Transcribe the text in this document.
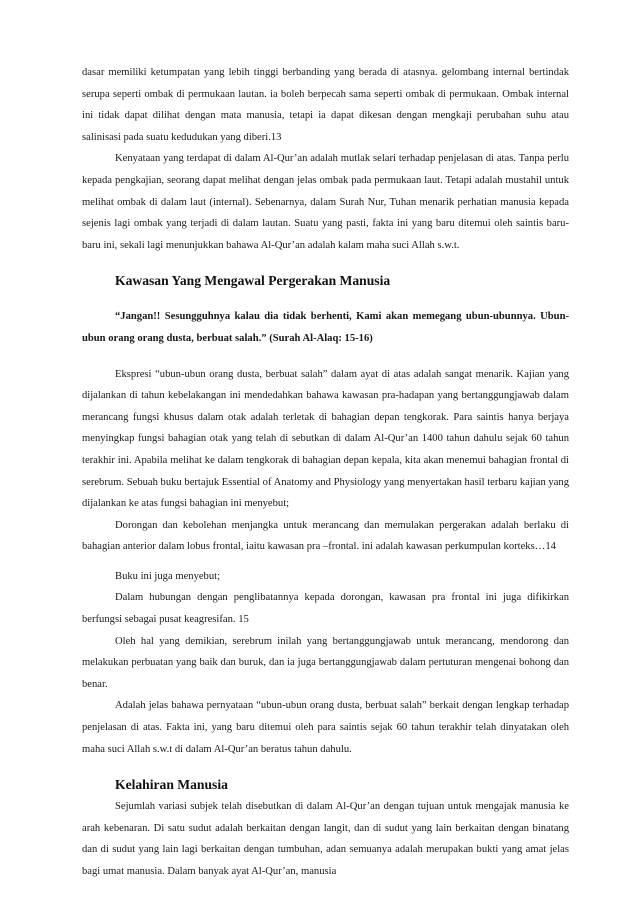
dasar memiliki ketumpatan yang lebih tinggi berbanding yang berada di atasnya. gelombang internal bertindak serupa seperti ombak di permukaan lautan. ia boleh berpecah sama seperti ombak di permukaan. Ombak internal ini tidak dapat dilihat dengan mata manusia, tetapi ia dapat dikesan dengan mengkaji perubahan suhu atau salinisasi pada suatu kedudukan yang diberi.13

Kenyataan yang terdapat di dalam Al-Qur’an adalah mutlak selari terhadap penjelasan di atas. Tanpa perlu kepada pengkajian, seorang dapat melihat dengan jelas ombak pada permukaan laut. Tetapi adalah mustahil untuk melihat ombak di dalam laut (internal). Sebenarnya, dalam Surah Nur, Tuhan menarik perhatian manusia kepada sejenis lagi ombak yang terjadi di dalam lautan. Suatu yang pasti, fakta ini yang baru ditemui oleh saintis baru-baru ini, sekali lagi menunjukkan bahawa Al-Qur’an adalah kalam maha suci Allah s.w.t.

Kawasan Yang Mengawal Pergerakan Manusia

“Jangan!! Sesungguhnya kalau dia tidak berhenti, Kami akan memegang ubun-ubunnya. Ubun-ubun orang orang dusta, berbuat salah.” (Surah Al-Alaq: 15-16)

Ekspresi “ubun-ubun orang dusta, berbuat salah” dalam ayat di atas adalah sangat menarik. Kajian yang dijalankan di tahun kebelakangan ini mendedahkan bahawa kawasan pra-hadapan yang bertanggungjawab dalam merancang fungsi khusus dalam otak adalah terletak di bahagian depan tengkorak. Para saintis hanya berjaya menyingkap fungsi bahagian otak yang telah di sebutkan di dalam Al-Qur’an 1400 tahun dahulu sejak 60 tahun terakhir ini. Apabila melihat ke dalam tengkorak di bahagian depan kepala, kita akan menemui bahagian frontal di serebrum. Sebuah buku bertajuk Essential of Anatomy and Physiology yang menyertakan hasil terbaru kajian yang dijalankan ke atas fungsi bahagian ini menyebut;

Dorongan dan kebolehan menjangka untuk merancang dan memulakan pergerakan adalah berlaku di bahagian anterior dalam lobus frontal, iaitu kawasan pra –frontal. ini adalah kawasan perkumpulan korteks…14

Buku ini juga menyebut;

Dalam hubungan dengan penglibatannya kepada dorongan, kawasan pra frontal ini juga difikirkan berfungsi sebagai pusat keagresifan. 15

Oleh hal yang demikian, serebrum inilah yang bertanggungjawab untuk merancang, mendorong dan melakukan perbuatan yang baik dan buruk, dan ia juga bertanggungjawab dalam pertuturan mengenai bohong dan benar.

Adalah jelas bahawa pernyataan “ubun-ubun orang dusta, berbuat salah” berkait dengan lengkap terhadap penjelasan di atas. Fakta ini, yang baru ditemui oleh para saintis sejak 60 tahun terakhir telah dinyatakan oleh maha suci Allah s.w.t di dalam Al-Qur’an beratus tahun dahulu.

Kelahiran Manusia

Sejumlah variasi subjek telah disebutkan di dalam Al-Qur’an dengan tujuan untuk mengajak manusia ke arah kebenaran. Di satu sudut adalah berkaitan dengan langit, dan di sudut yang lain berkaitan dengan binatang dan di sudut yang lain lagi berkaitan dengan tumbuhan, adan semuanya adalah merupakan bukti yang amat jelas bagi umat manusia. Dalam banyak ayat Al-Qur’an, manusia
